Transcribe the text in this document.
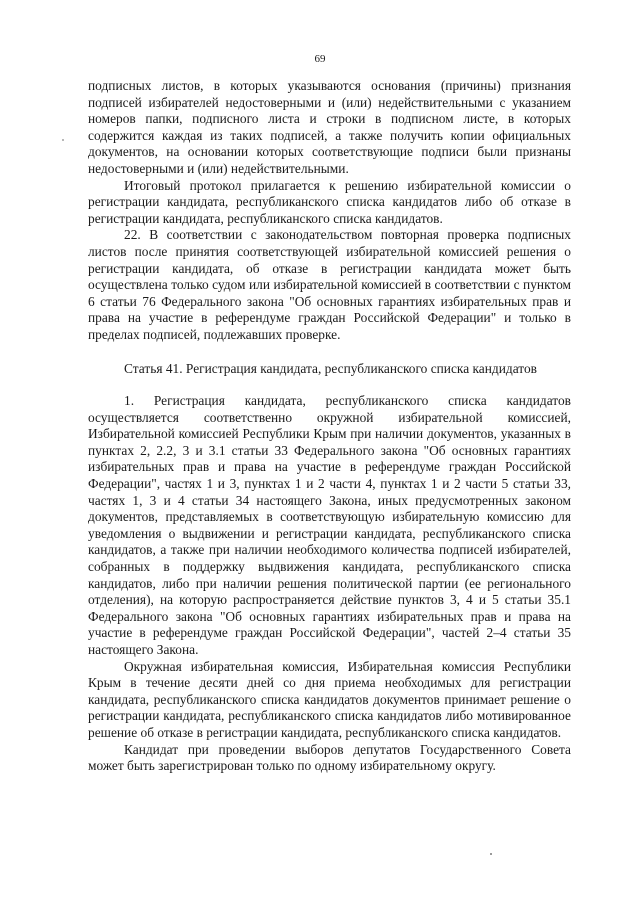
69

подписных листов, в которых указываются основания (причины) признания подписей избирателей недостоверными и (или) недействительными с указанием номеров папки, подписного листа и строки в подписном листе, в которых содержится каждая из таких подписей, а также получить копии официальных документов, на основании которых соответствующие подписи были признаны недостоверными и (или) недействительными.

Итоговый протокол прилагается к решению избирательной комиссии о регистрации кандидата, республиканского списка кандидатов либо об отказе в регистрации кандидата, республиканского списка кандидатов.

22. В соответствии с законодательством повторная проверка подписных листов после принятия соответствующей избирательной комиссией решения о регистрации кандидата, об отказе в регистрации кандидата может быть осуществлена только судом или избирательной комиссией в соответствии с пунктом 6 статьи 76 Федерального закона "Об основных гарантиях избирательных прав и права на участие в референдуме граждан Российской Федерации" и только в пределах подписей, подлежавших проверке.

Статья 41. Регистрация кандидата, республиканского списка кандидатов

1. Регистрация кандидата, республиканского списка кандидатов осуществляется соответственно окружной избирательной комиссией, Избирательной комиссией Республики Крым при наличии документов, указанных в пунктах 2, 2.2, 3 и 3.1 статьи 33 Федерального закона "Об основных гарантиях избирательных прав и права на участие в референдуме граждан Российской Федерации", частях 1 и 3, пунктах 1 и 2 части 4, пунктах 1 и 2 части 5 статьи 33, частях 1, 3 и 4 статьи 34 настоящего Закона, иных предусмотренных законом документов, представляемых в соответствующую избирательную комиссию для уведомления о выдвижении и регистрации кандидата, республиканского списка кандидатов, а также при наличии необходимого количества подписей избирателей, собранных в поддержку выдвижения кандидата, республиканского списка кандидатов, либо при наличии решения политической партии (ее регионального отделения), на которую распространяется действие пунктов 3, 4 и 5 статьи 35.1 Федерального закона "Об основных гарантиях избирательных прав и права на участие в референдуме граждан Российской Федерации", частей 2–4 статьи 35 настоящего Закона.

Окружная избирательная комиссия, Избирательная комиссия Республики Крым в течение десяти дней со дня приема необходимых для регистрации кандидата, республиканского списка кандидатов документов принимает решение о регистрации кандидата, республиканского списка кандидатов либо мотивированное решение об отказе в регистрации кандидата, республиканского списка кандидатов.

Кандидат при проведении выборов депутатов Государственного Совета может быть зарегистрирован только по одному избирательному округу.
